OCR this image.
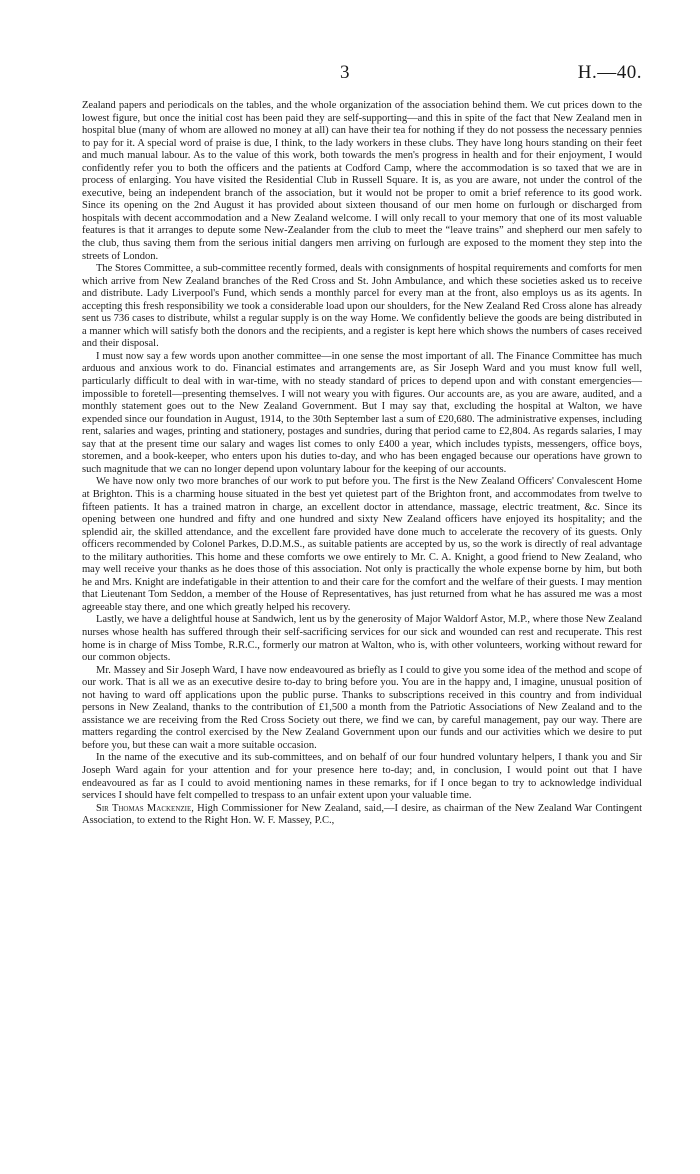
3	H.—40.

Zealand papers and periodicals on the tables, and the whole organization of the association behind them. We cut prices down to the lowest figure, but once the initial cost has been paid they are self-supporting—and this in spite of the fact that New Zealand men in hospital blue (many of whom are allowed no money at all) can have their tea for nothing if they do not possess the necessary pennies to pay for it. A special word of praise is due, I think, to the lady workers in these clubs. They have long hours standing on their feet and much manual labour. As to the value of this work, both towards the men's progress in health and for their enjoyment, I would confidently refer you to both the officers and the patients at Codford Camp, where the accommodation is so taxed that we are in process of enlarging. You have visited the Residential Club in Russell Square. It is, as you are aware, not under the control of the executive, being an independent branch of the association, but it would not be proper to omit a brief reference to its good work. Since its opening on the 2nd August it has provided about sixteen thousand of our men home on furlough or discharged from hospitals with decent accommodation and a New Zealand welcome. I will only recall to your memory that one of its most valuable features is that it arranges to depute some New-Zealander from the club to meet the “leave trains” and shepherd our men safely to the club, thus saving them from the serious initial dangers men arriving on furlough are exposed to the moment they step into the streets of London.

The Stores Committee, a sub-committee recently formed, deals with consignments of hospital requirements and comforts for men which arrive from New Zealand branches of the Red Cross and St. John Ambulance, and which these societies asked us to receive and distribute. Lady Liverpool's Fund, which sends a monthly parcel for every man at the front, also employs us as its agents. In accepting this fresh responsibility we took a considerable load upon our shoulders, for the New Zealand Red Cross alone has already sent us 736 cases to distribute, whilst a regular supply is on the way Home. We confidently believe the goods are being distributed in a manner which will satisfy both the donors and the recipients, and a register is kept here which shows the numbers of cases received and their disposal.

I must now say a few words upon another committee—in one sense the most important of all. The Finance Committee has much arduous and anxious work to do. Financial estimates and arrangements are, as Sir Joseph Ward and you must know full well, particularly difficult to deal with in war-time, with no steady standard of prices to depend upon and with constant emergencies—impossible to foretell—presenting themselves. I will not weary you with figures. Our accounts are, as you are aware, audited, and a monthly statement goes out to the New Zealand Government. But I may say that, excluding the hospital at Walton, we have expended since our foundation in August, 1914, to the 30th September last a sum of £20,680. The administrative expenses, including rent, salaries and wages, printing and stationery, postages and sundries, during that period came to £2,804. As regards salaries, I may say that at the present time our salary and wages list comes to only £400 a year, which includes typists, messengers, office boys, storemen, and a book-keeper, who enters upon his duties to-day, and who has been engaged because our operations have grown to such magnitude that we can no longer depend upon voluntary labour for the keeping of our accounts.

We have now only two more branches of our work to put before you. The first is the New Zealand Officers' Convalescent Home at Brighton. This is a charming house situated in the best yet quietest part of the Brighton front, and accommodates from twelve to fifteen patients. It has a trained matron in charge, an excellent doctor in attendance, massage, electric treatment, &c. Since its opening between one hundred and fifty and one hundred and sixty New Zealand officers have enjoyed its hospitality; and the splendid air, the skilled attendance, and the excellent fare provided have done much to accelerate the recovery of its guests. Only officers recommended by Colonel Parkes, D.D.M.S., as suitable patients are accepted by us, so the work is directly of real advantage to the military authorities. This home and these comforts we owe entirely to Mr. C. A. Knight, a good friend to New Zealand, who may well receive your thanks as he does those of this association. Not only is practically the whole expense borne by him, but both he and Mrs. Knight are indefatigable in their attention to and their care for the comfort and the welfare of their guests. I may mention that Lieutenant Tom Seddon, a member of the House of Representatives, has just returned from what he has assured me was a most agreeable stay there, and one which greatly helped his recovery.

Lastly, we have a delightful house at Sandwich, lent us by the generosity of Major Waldorf Astor, M.P., where those New Zealand nurses whose health has suffered through their self-sacrificing services for our sick and wounded can rest and recuperate. This rest home is in charge of Miss Tombe, R.R.C., formerly our matron at Walton, who is, with other volunteers, working without reward for our common objects.

Mr. Massey and Sir Joseph Ward, I have now endeavoured as briefly as I could to give you some idea of the method and scope of our work. That is all we as an executive desire to-day to bring before you. You are in the happy and, I imagine, unusual position of not having to ward off applications upon the public purse. Thanks to subscriptions received in this country and from individual persons in New Zealand, thanks to the contribution of £1,500 a month from the Patriotic Associations of New Zealand and to the assistance we are receiving from the Red Cross Society out there, we find we can, by careful management, pay our way. There are matters regarding the control exercised by the New Zealand Government upon our funds and our activities which we desire to put before you, but these can wait a more suitable occasion.

In the name of the executive and its sub-committees, and on behalf of our four hundred voluntary helpers, I thank you and Sir Joseph Ward again for your attention and for your presence here to-day; and, in conclusion, I would point out that I have endeavoured as far as I could to avoid mentioning names in these remarks, for if I once began to try to acknowledge individual services I should have felt compelled to trespass to an unfair extent upon your valuable time.

Sir Thomas Mackenzie, High Commissioner for New Zealand, said,—I desire, as chairman of the New Zealand War Contingent Association, to extend to the Right Hon. W. F. Massey, P.C.,
